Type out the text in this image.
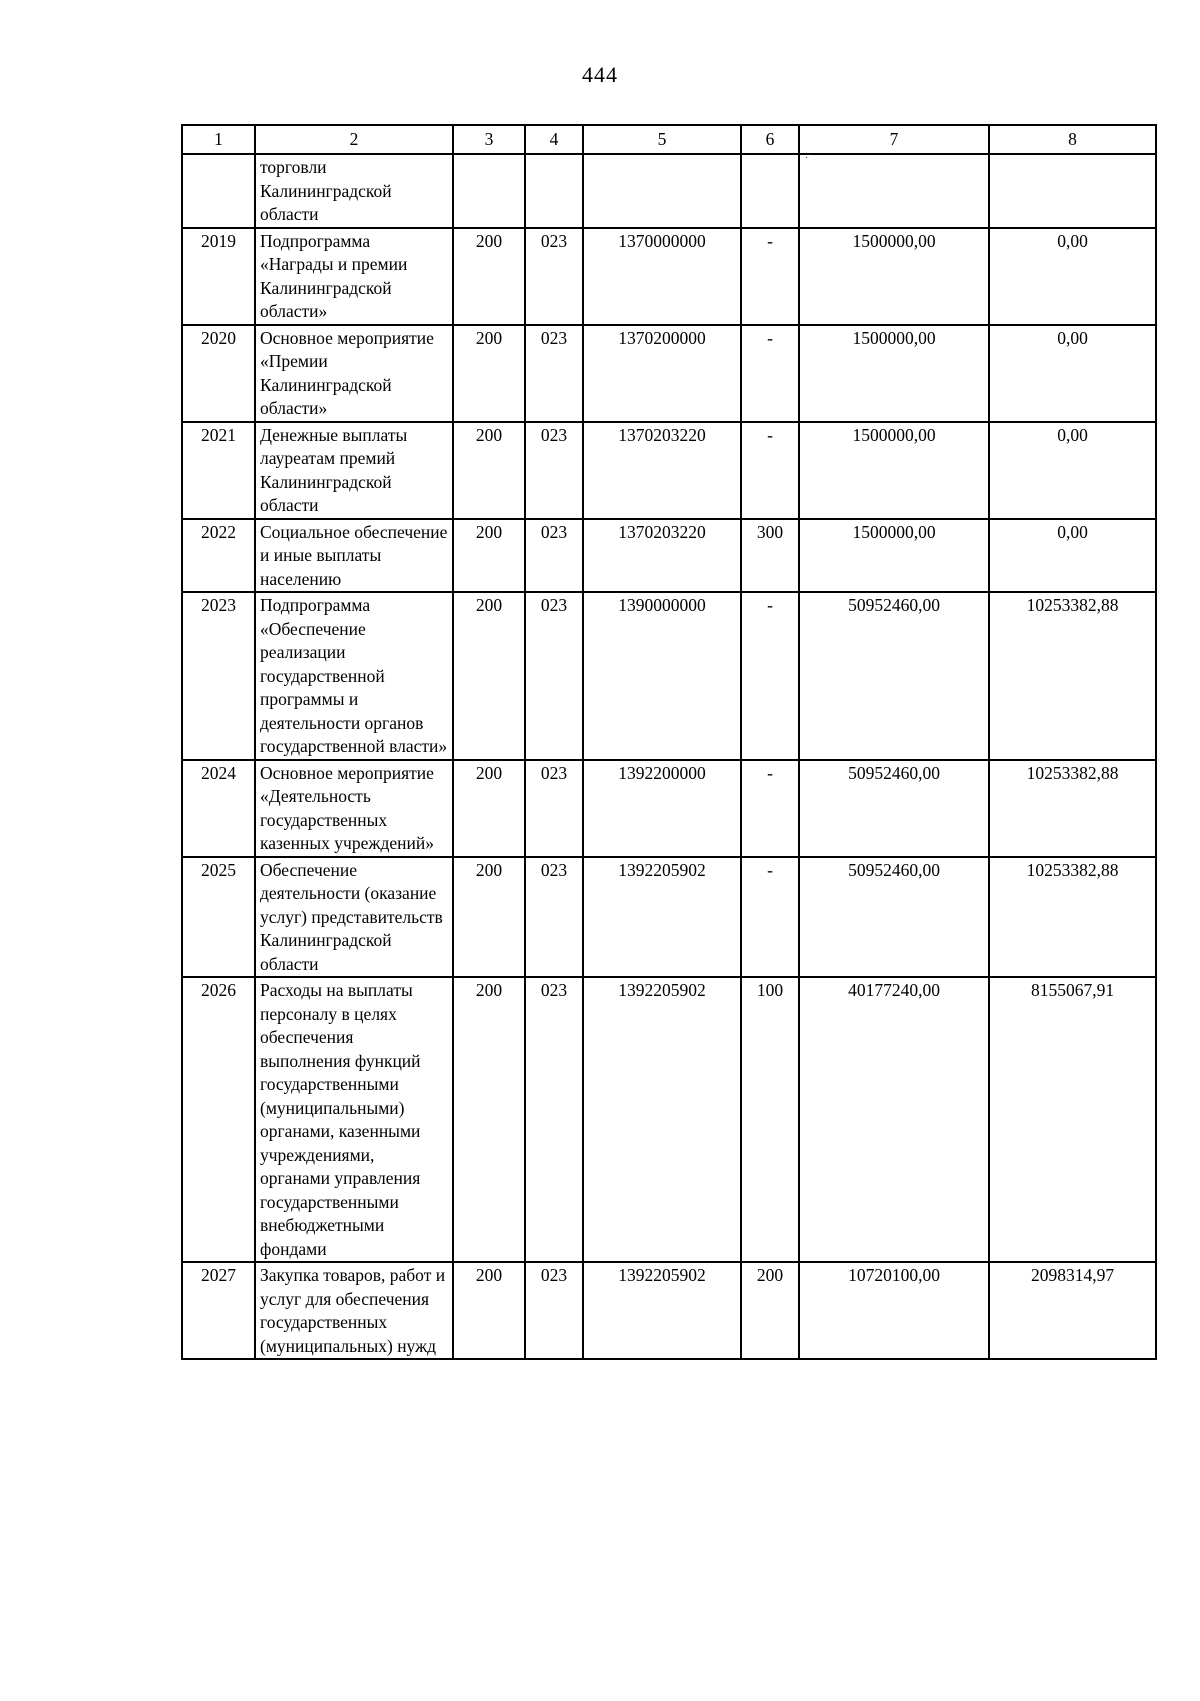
444
1	2	3	4	5	6	7	8
	торговли Калининградской области						
2019	Подпрограмма «Награды и премии Калининградской области»	200	023	1370000000	-	1500000,00	0,00
2020	Основное мероприятие «Премии Калининградской области»	200	023	1370200000	-	1500000,00	0,00
2021	Денежные выплаты лауреатам премий Калининградской области	200	023	1370203220	-	1500000,00	0,00
2022	Социальное обеспечение и иные выплаты населению	200	023	1370203220	300	1500000,00	0,00
2023	Подпрограмма «Обеспечение реализации государственной программы и деятельности органов государственной власти»	200	023	1390000000	-	50952460,00	10253382,88
2024	Основное мероприятие «Деятельность государственных казенных учреждений»	200	023	1392200000	-	50952460,00	10253382,88
2025	Обеспечение деятельности (оказание услуг) представительств Калининградской области	200	023	1392205902	-	50952460,00	10253382,88
2026	Расходы на выплаты персоналу в целях обеспечения выполнения функций государственными (муниципальными) органами, казенными учреждениями, органами управления государственными внебюджетными фондами	200	023	1392205902	100	40177240,00	8155067,91
2027	Закупка товаров, работ и услуг для обеспечения государственных (муниципальных) нужд	200	023	1392205902	200	10720100,00	2098314,97
·˙
